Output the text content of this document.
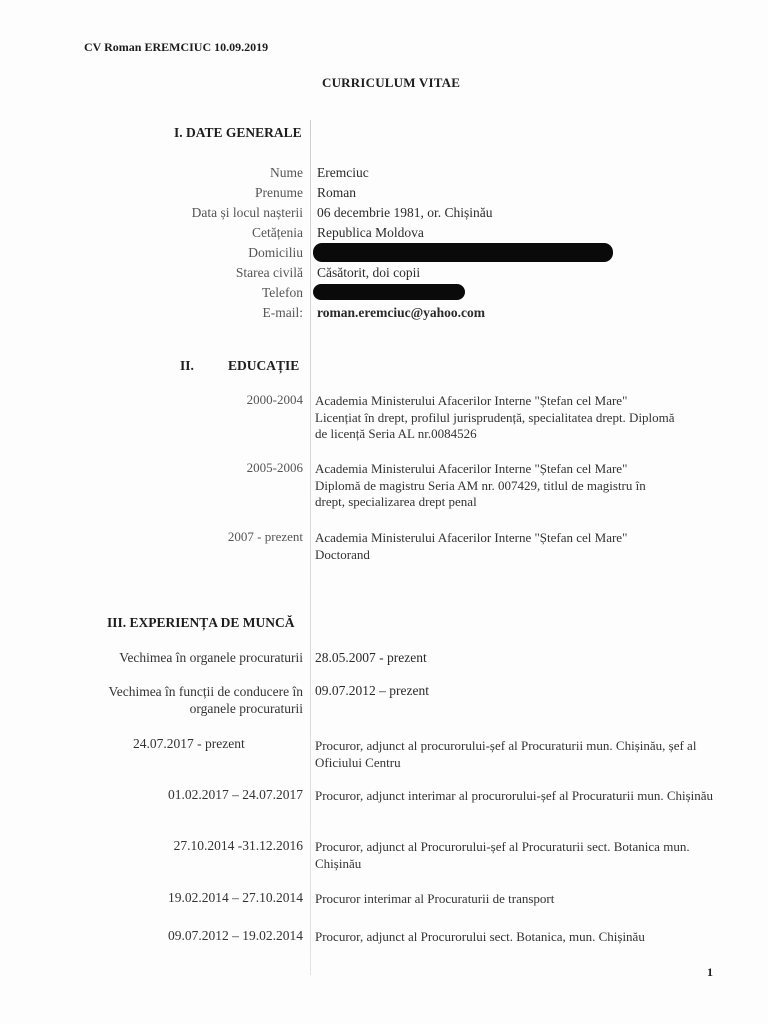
CV Roman EREMCIUC 10.09.2019
CURRICULUM VITAE
I. DATE GENERALE
Nume Eremciuc
Prenume Roman
Data și locul nașterii 06 decembrie 1981, or. Chișinău
Cetățenia Republica Moldova
Domiciliu
Starea civilă Căsătorit, doi copii
Telefon
E-mail: roman.eremciuc@yahoo.com
II.	EDUCAȚIE
2000-2004 Academia Ministerului Afacerilor Interne "Ștefan cel Mare"
Licențiat în drept, profilul jurisprudență, specialitatea drept. Diplomă de licență Seria AL nr.0084526
2005-2006 Academia Ministerului Afacerilor Interne "Ștefan cel Mare"
Diplomă de magistru Seria AM nr. 007429, titlul de magistru în drept, specializarea drept penal
2007 - prezent Academia Ministerului Afacerilor Interne "Ștefan cel Mare"
Doctorand
III. EXPERIENȚA DE MUNCĂ
Vechimea în organele procuraturii 28.05.2007 - prezent
Vechimea în funcții de conducere în organele procuraturii
09.07.2012 – prezent
24.07.2017 - prezent	Procuror, adjunct al procurorului-șef al Procuraturii mun. Chișinău, șef al Oficiului Centru
01.02.2017 – 24.07.2017 Procuror, adjunct interimar al procurorului-șef al Procuraturii mun. Chișinău
27.10.2014 -31.12.2016 Procuror, adjunct al Procurorului-șef al Procuraturii sect. Botanica mun. Chișinău
19.02.2014 – 27.10.2014 Procuror interimar al Procuraturii de transport
09.07.2012 – 19.02.2014 Procuror, adjunct al Procurorului sect. Botanica, mun. Chișinău
1
